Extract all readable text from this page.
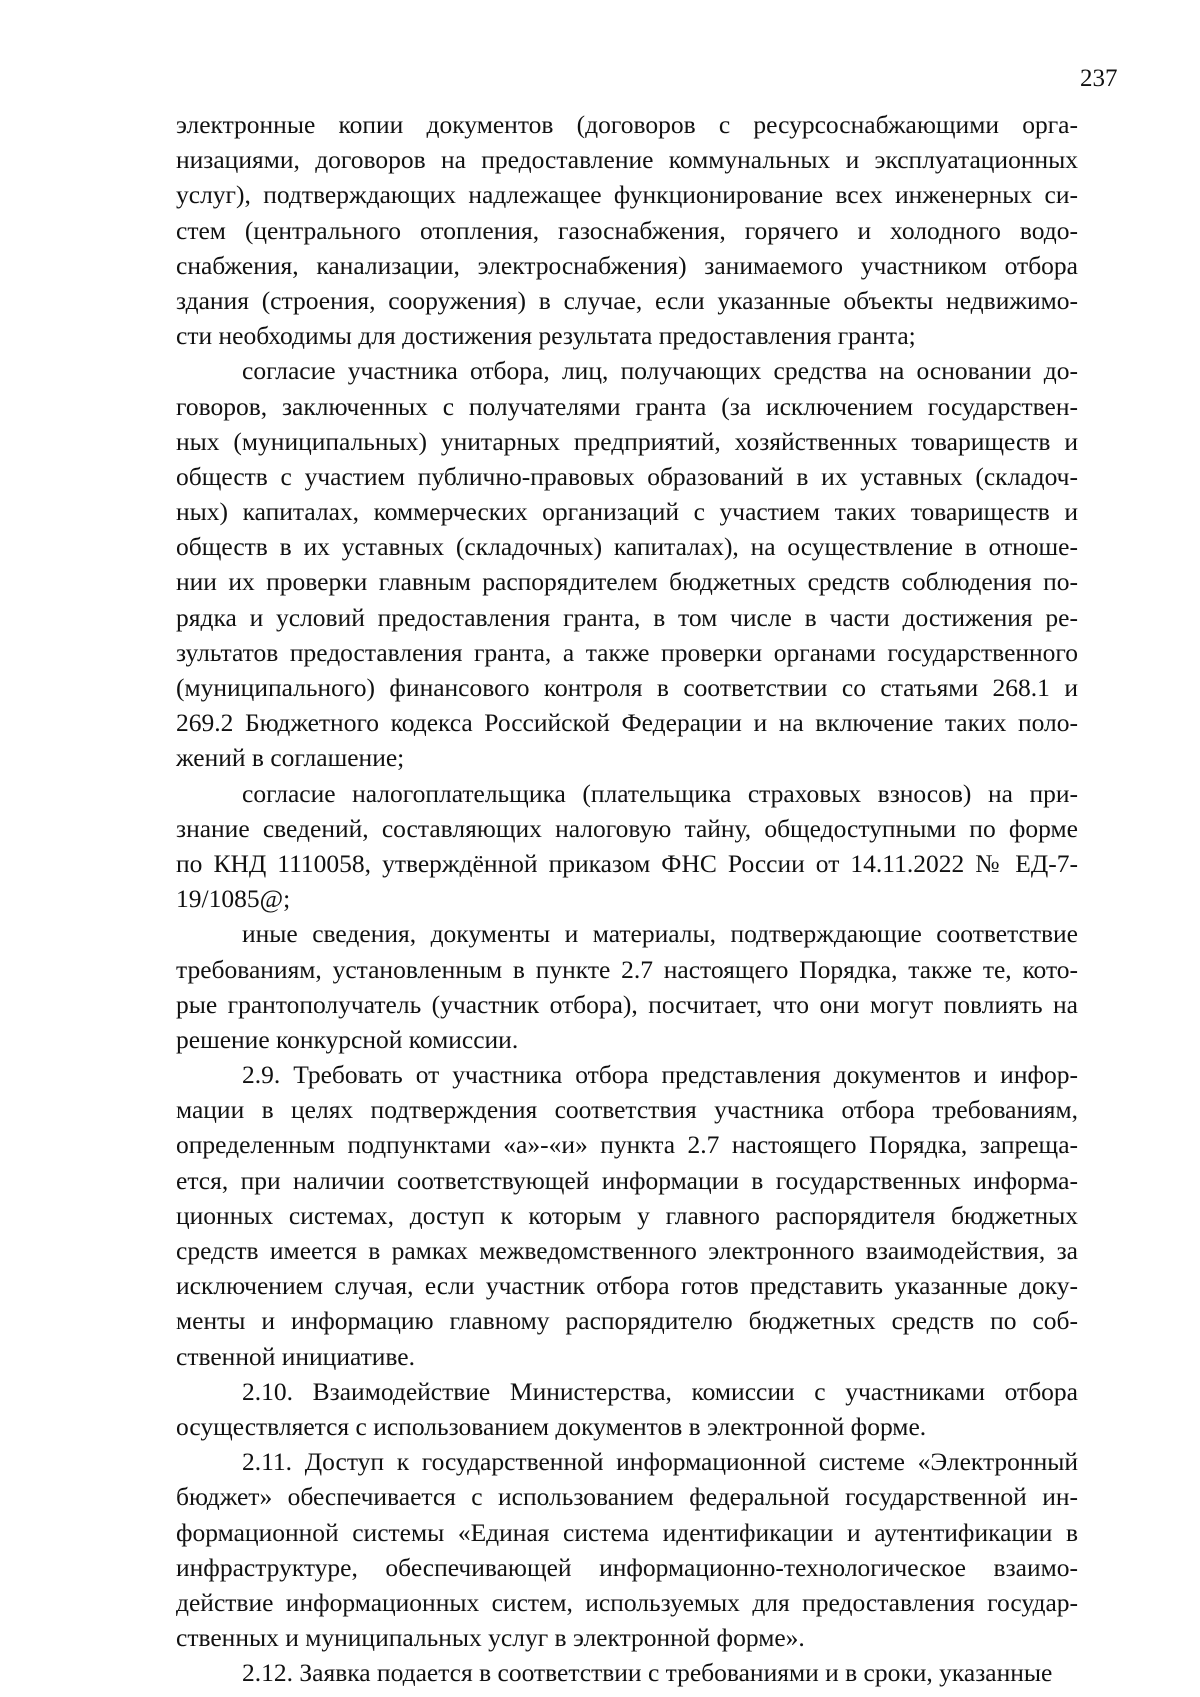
237
электронные копии документов (договоров с ресурсоснабжающими орга-
низациями, договоров на предоставление коммунальных и эксплуатационных
услуг), подтверждающих надлежащее функционирование всех инженерных си-
стем (центрального отопления, газоснабжения, горячего и холодного водо-
снабжения, канализации, электроснабжения) занимаемого участником отбора
здания (строения, сооружения) в случае, если указанные объекты недвижимо-
сти необходимы для достижения результата предоставления гранта;
согласие участника отбора, лиц, получающих средства на основании до-
говоров, заключенных с получателями гранта (за исключением государствен-
ных (муниципальных) унитарных предприятий, хозяйственных товариществ и
обществ с участием публично-правовых образований в их уставных (складоч-
ных) капиталах, коммерческих организаций с участием таких товариществ и
обществ в их уставных (складочных) капиталах), на осуществление в отноше-
нии их проверки главным распорядителем бюджетных средств соблюдения по-
рядка и условий предоставления гранта, в том числе в части достижения ре-
зультатов предоставления гранта, а также проверки органами государственного
(муниципального) финансового контроля в соответствии со статьями 268.1 и
269.2 Бюджетного кодекса Российской Федерации и на включение таких поло-
жений в соглашение;
согласие налогоплательщика (плательщика страховых взносов) на при-
знание сведений, составляющих налоговую тайну, общедоступными по форме
по КНД 1110058, утверждённой приказом ФНС России от 14.11.2022 № ЕД-7-
19/1085@;
иные сведения, документы и материалы, подтверждающие соответствие
требованиям, установленным в пункте 2.7 настоящего Порядка, также те, кото-
рые грантополучатель (участник отбора), посчитает, что они могут повлиять на
решение конкурсной комиссии.
2.9. Требовать от участника отбора представления документов и инфор-
мации в целях подтверждения соответствия участника отбора требованиям,
определенным подпунктами «а»-«и» пункта 2.7 настоящего Порядка, запреща-
ется, при наличии соответствующей информации в государственных информа-
ционных системах, доступ к которым у главного распорядителя бюджетных
средств имеется в рамках межведомственного электронного взаимодействия, за
исключением случая, если участник отбора готов представить указанные доку-
менты и информацию главному распорядителю бюджетных средств по соб-
ственной инициативе.
2.10. Взаимодействие Министерства, комиссии с участниками отбора
осуществляется с использованием документов в электронной форме.
2.11. Доступ к государственной информационной системе «Электронный
бюджет» обеспечивается с использованием федеральной государственной ин-
формационной системы «Единая система идентификации и аутентификации в
инфраструктуре, обеспечивающей информационно-технологическое взаимо-
действие информационных систем, используемых для предоставления государ-
ственных и муниципальных услуг в электронной форме».
2.12. Заявка подается в соответствии с требованиями и в сроки, указанные
